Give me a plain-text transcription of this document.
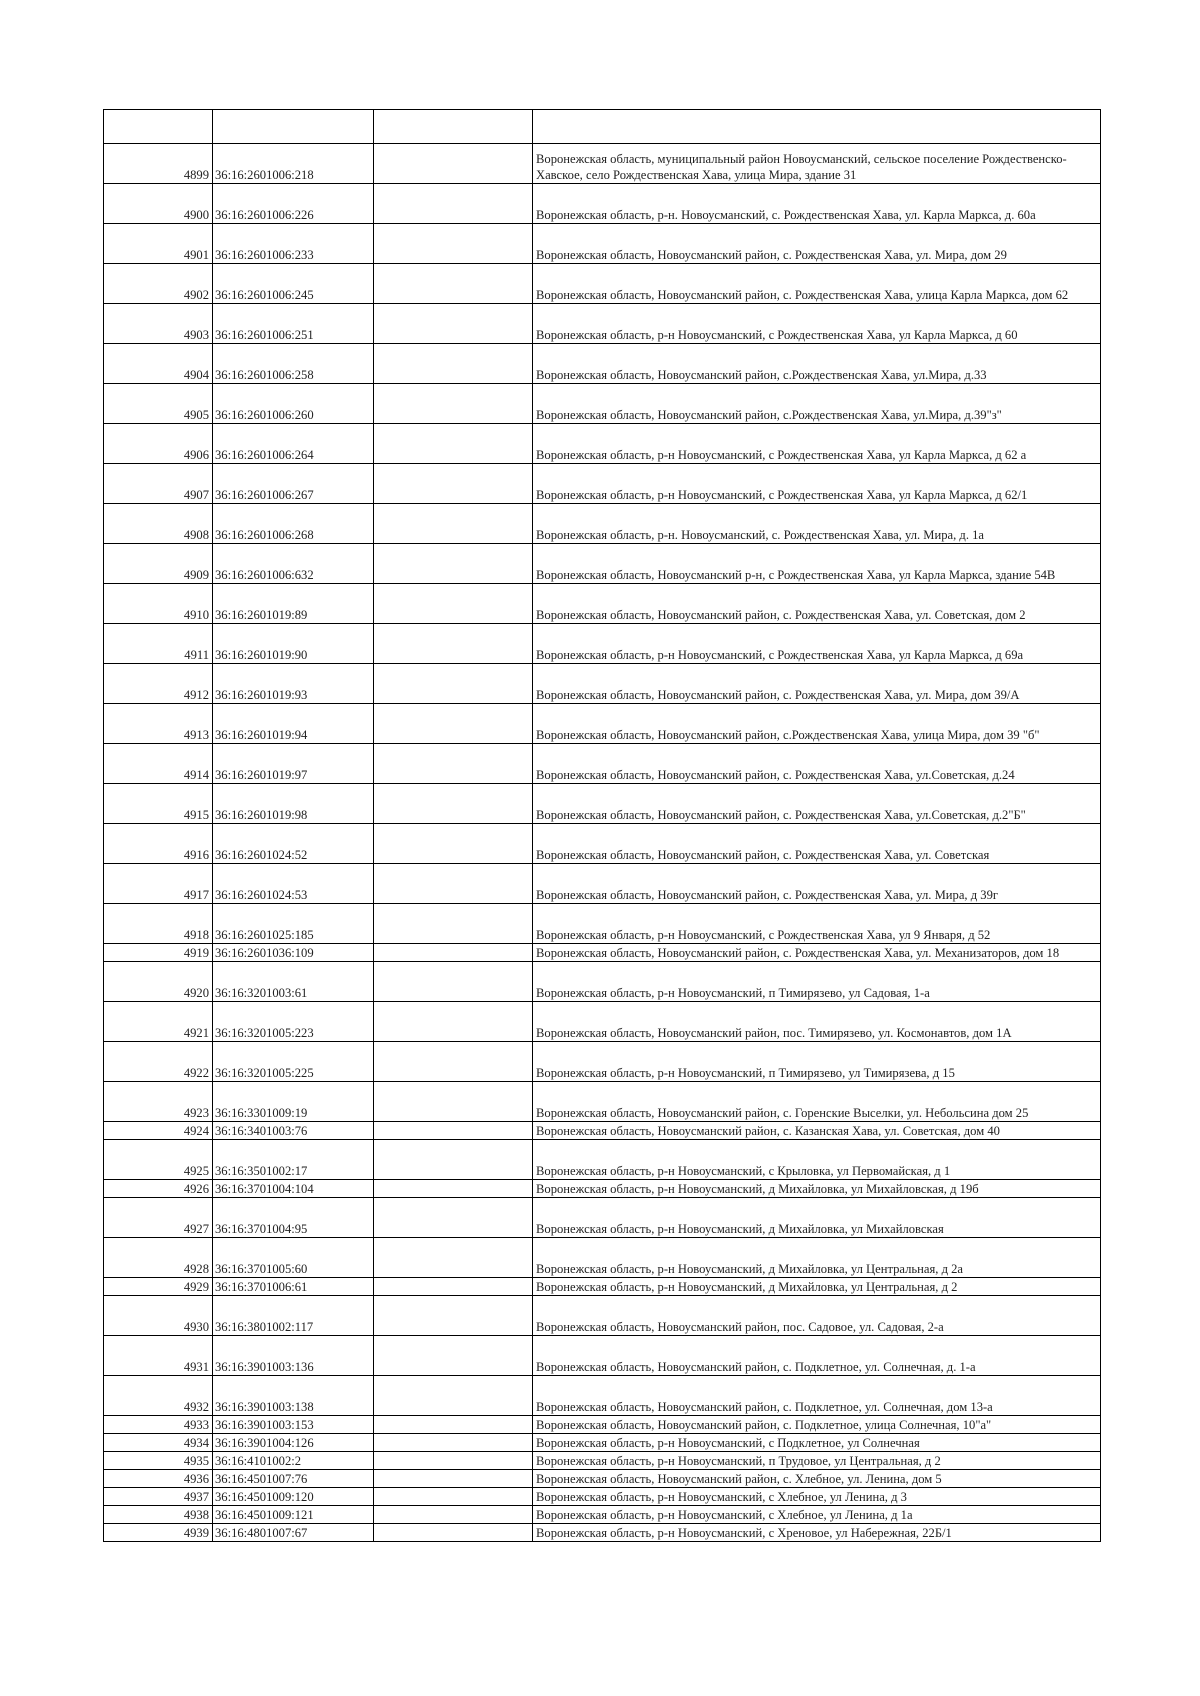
4899	36:16:2601006:218		Воронежская область, муниципальный район Новоусманский, сельское поселение Рождественско-Хавское, село Рождественская Хава, улица Мира, здание 31
4900	36:16:2601006:226		Воронежская область, р-н. Новоусманский, с. Рождественская Хава, ул. Карла Маркса, д. 60а
4901	36:16:2601006:233		Воронежская область, Новоусманский район, с. Рождественская Хава, ул. Мира, дом 29
4902	36:16:2601006:245		Воронежская область, Новоусманский район, с. Рождественская Хава, улица Карла Маркса, дом 62
4903	36:16:2601006:251		Воронежская область, р-н Новоусманский, с Рождественская Хава, ул Карла Маркса, д 60
4904	36:16:2601006:258		Воронежская область, Новоусманский район, с.Рождественская Хава, ул.Мира, д.33
4905	36:16:2601006:260		Воронежская область, Новоусманский район, с.Рождественская Хава, ул.Мира, д.39"з"
4906	36:16:2601006:264		Воронежская область, р-н Новоусманский, с Рождественская Хава, ул Карла Маркса, д 62 а
4907	36:16:2601006:267		Воронежская область, р-н Новоусманский, с Рождественская Хава, ул Карла Маркса, д 62/1
4908	36:16:2601006:268		Воронежская область, р-н. Новоусманский, с. Рождественская Хава, ул. Мира, д. 1а
4909	36:16:2601006:632		Воронежская область, Новоусманский р-н, с Рождественская Хава, ул Карла Маркса, здание 54В
4910	36:16:2601019:89		Воронежская область, Новоусманский район, с. Рождественская Хава, ул. Советская, дом 2
4911	36:16:2601019:90		Воронежская область, р-н Новоусманский, с Рождественская Хава, ул Карла Маркса, д 69а
4912	36:16:2601019:93		Воронежская область, Новоусманский район, с. Рождественская Хава, ул. Мира, дом 39/А
4913	36:16:2601019:94		Воронежская область, Новоусманский район, с.Рождественская Хава, улица Мира, дом 39 "б"
4914	36:16:2601019:97		Воронежская область, Новоусманский район, с. Рождественская Хава, ул.Советская, д.24
4915	36:16:2601019:98		Воронежская область, Новоусманский район, с. Рождественская Хава, ул.Советская, д.2"Б"
4916	36:16:2601024:52		Воронежская область, Новоусманский район, с. Рождественская Хава, ул. Советская
4917	36:16:2601024:53		Воронежская область, Новоусманский район, с. Рождественская Хава, ул. Мира, д 39г
4918	36:16:2601025:185		Воронежская область, р-н Новоусманский, с Рождественская Хава, ул 9 Января, д 52
4919	36:16:2601036:109		Воронежская область, Новоусманский район, с. Рождественская Хава, ул. Механизаторов, дом 18
4920	36:16:3201003:61		Воронежская область, р-н Новоусманский, п Тимирязево, ул Садовая, 1-а
4921	36:16:3201005:223		Воронежская область, Новоусманский район, пос. Тимирязево, ул. Космонавтов, дом 1А
4922	36:16:3201005:225		Воронежская область, р-н Новоусманский, п Тимирязево, ул Тимирязева, д 15
4923	36:16:3301009:19		Воронежская область, Новоусманский район, с. Горенские Выселки, ул. Небольсина дом 25
4924	36:16:3401003:76		Воронежская область, Новоусманский район, с. Казанская Хава, ул. Советская, дом 40
4925	36:16:3501002:17		Воронежская область, р-н Новоусманский, с Крыловка, ул Первомайская, д 1
4926	36:16:3701004:104		Воронежская область, р-н Новоусманский, д Михайловка, ул Михайловская, д 19б
4927	36:16:3701004:95		Воронежская область, р-н Новоусманский, д Михайловка, ул Михайловская
4928	36:16:3701005:60		Воронежская область, р-н Новоусманский, д Михайловка, ул Центральная, д 2а
4929	36:16:3701006:61		Воронежская область, р-н Новоусманский, д Михайловка, ул Центральная, д 2
4930	36:16:3801002:117		Воронежская область, Новоусманский район, пос. Садовое, ул. Садовая, 2-а
4931	36:16:3901003:136		Воронежская область, Новоусманский район, с. Подклетное, ул. Солнечная, д. 1-а
4932	36:16:3901003:138		Воронежская область, Новоусманский район, с. Подклетное, ул. Солнечная, дом 13-а
4933	36:16:3901003:153		Воронежская область, Новоусманский район, с. Подклетное, улица Солнечная, 10"а"
4934	36:16:3901004:126		Воронежская область, р-н Новоусманский, с Подклетное, ул Солнечная
4935	36:16:4101002:2		Воронежская область, р-н Новоусманский, п Трудовое, ул Центральная, д 2
4936	36:16:4501007:76		Воронежская область, Новоусманский район, с. Хлебное, ул. Ленина, дом 5
4937	36:16:4501009:120		Воронежская область, р-н Новоусманский, с Хлебное, ул Ленина, д 3
4938	36:16:4501009:121		Воронежская область, р-н Новоусманский, с Хлебное, ул Ленина, д 1а
4939	36:16:4801007:67		Воронежская область, р-н Новоусманский, с Хреновое, ул Набережная, 22Б/1
